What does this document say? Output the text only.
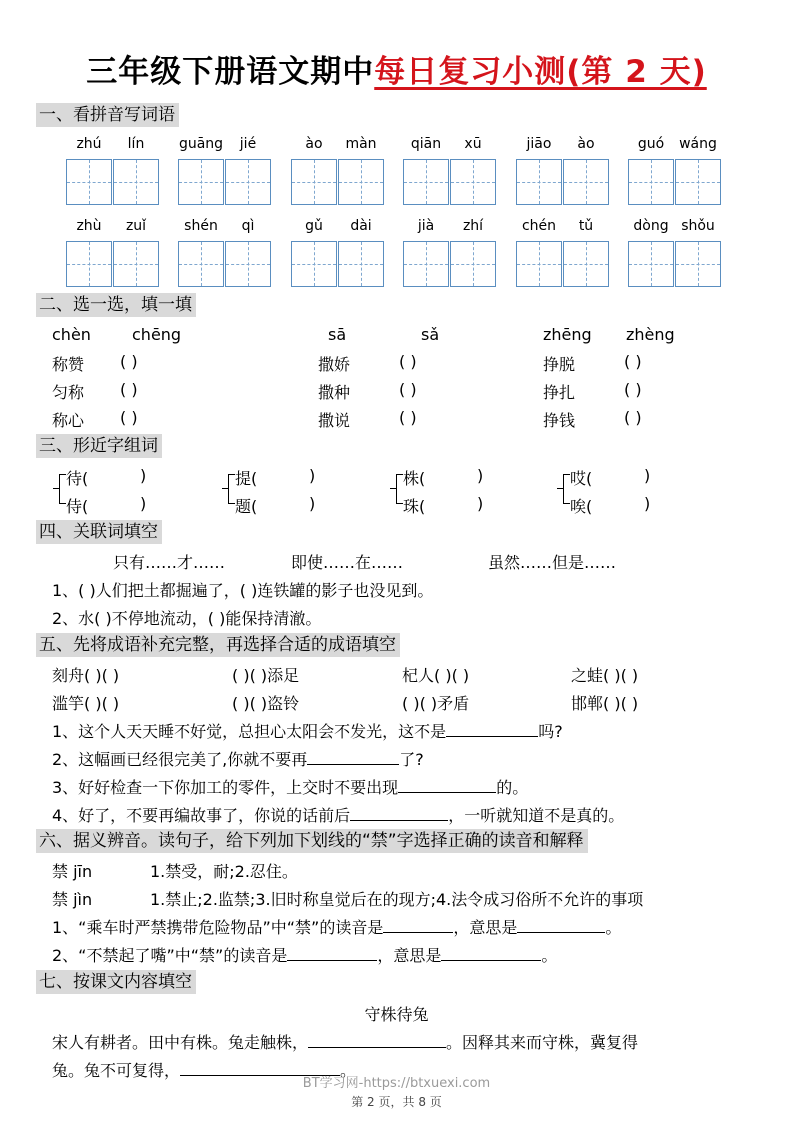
三年级下册语文期中每日复习小测(第 2 天)
一、看拼音写词语
zhú	lín	guāng	jié	ào	màn	qiān	xū	jiāo	ào	guó	wáng
zhù	zuǐ	shén	qì	gǔ	dài	jià	zhí	chén	tǔ	dòng shǒu
二、选一选，填一填
chèn	chēng	sā	sǎ	zhēng zhèng
称赞 ( )	撒娇	( )	挣脱	( )
匀称 ( )	撒种	( )	挣扎	( )
称心 ( )	撒说	( )	挣钱	( )
三、形近字组词
待(	)
侍(	)
提(	)
题(	)
株(	)
珠(	)
哎(	)
唉(	)
四、关联词填空
只有……才……	即使……在……	虽然……但是……
1、( )人们把土都掘遍了，( )连铁罐的影子也没见到。
2、水( )不停地流动，( )能保持清澈。
五、先将成语补充完整，再选择合适的成语填空
刻舟( )( )	( )( )添足	杞人( )( )	之蛙( )( )
滥竽( )( )	( )( )盗铃	( )( )矛盾	邯郸( )( )
1、这个人天天睡不好觉，总担心太阳会不发光，这不是	吗?
2、这幅画已经很完美了,你就不要再	了?
3、好好检查一下你加工的零件，上交时不要出现	的。
4、好了，不要再编故事了，你说的话前后	，一听就知道不是真的。
六、据义辨音。读句子，给下列加下划线的“禁”字选择正确的读音和解释
禁 jīn	1.禁受，耐;2.忍住。
禁 jìn	1.禁止;2.监禁;3.旧时称皇觉后在的现方;4.法令成习俗所不允许的事项
1、“乘车时严禁携带危险物品”中“禁”的读音是	，意思是	。
2、“不禁起了嘴”中“禁”的读音是	，意思是	。
七、按课文内容填空
守株待兔
宋人有耕者。田中有株。兔走触株，	。因释其来而守株，冀复得
兔。兔不可复得，	。
BT学习网-https://btxuexi.com
第 2 页，共 8 页
